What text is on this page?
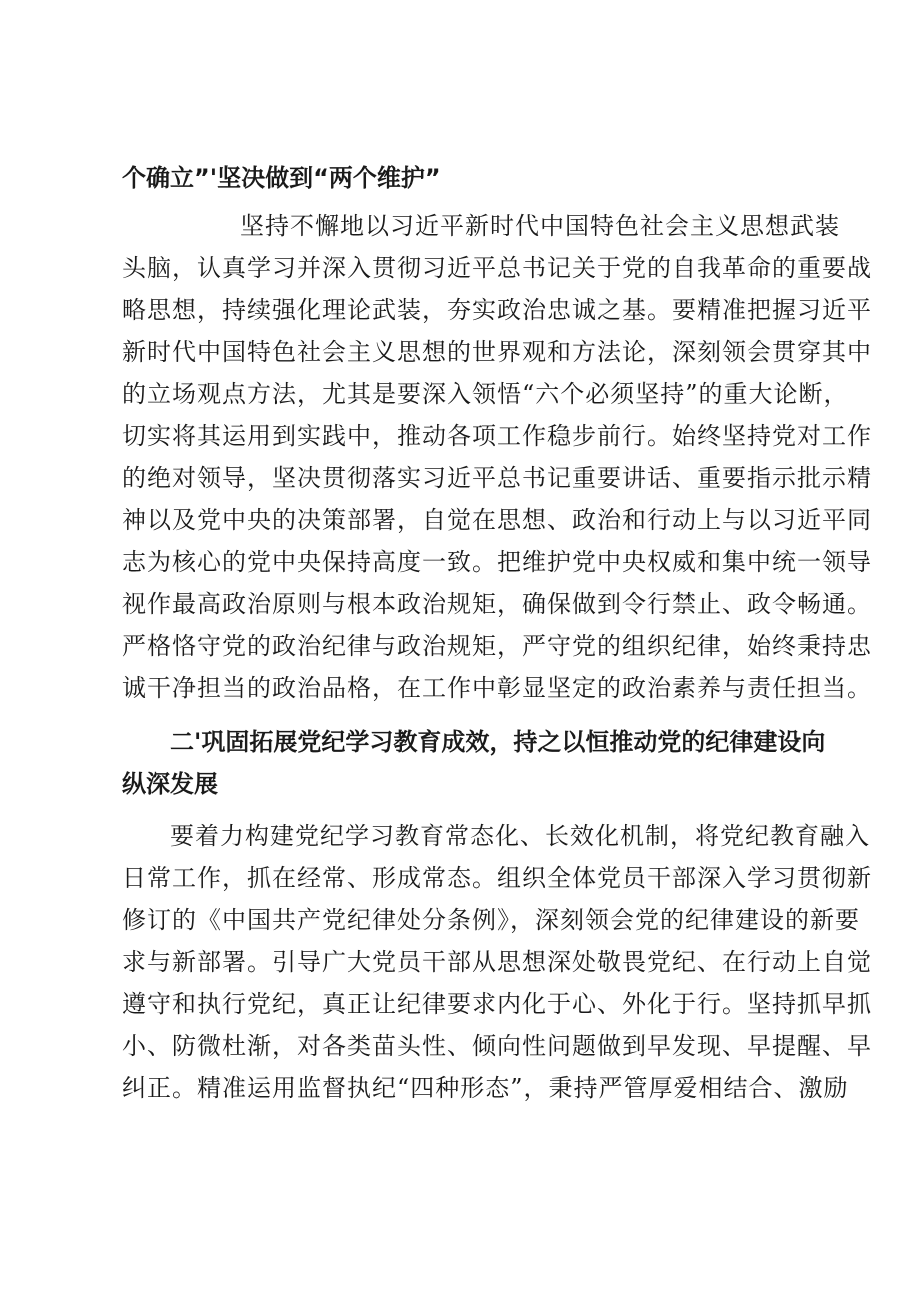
个确立”'坚决做到“两个维护”
坚持不懈地以习近平新时代中国特色社会主义思想武装
头脑，认真学习并深入贯彻习近平总书记关于党的自我革命的重要战
略思想，持续强化理论武装，夯实政治忠诚之基。要精准把握习近平
新时代中国特色社会主义思想的世界观和方法论，深刻领会贯穿其中
的立场观点方法，尤其是要深入领悟“六个必须坚持”的重大论断，
切实将其运用到实践中，推动各项工作稳步前行。始终坚持党对工作
的绝对领导，坚决贯彻落实习近平总书记重要讲话、重要指示批示精
神以及党中央的决策部署，自觉在思想、政治和行动上与以习近平同
志为核心的党中央保持高度一致。把维护党中央权威和集中统一领导
视作最高政治原则与根本政治规矩，确保做到令行禁止、政令畅通。
严格恪守党的政治纪律与政治规矩，严守党的组织纪律，始终秉持忠
诚干净担当的政治品格，在工作中彰显坚定的政治素养与责任担当。
二'巩固拓展党纪学习教育成效，持之以恒推动党的纪律建设向
纵深发展
要着力构建党纪学习教育常态化、长效化机制，将党纪教育融入
日常工作，抓在经常、形成常态。组织全体党员干部深入学习贯彻新
修订的《中国共产党纪律处分条例》，深刻领会党的纪律建设的新要
求与新部署。引导广大党员干部从思想深处敬畏党纪、在行动上自觉
遵守和执行党纪，真正让纪律要求内化于心、外化于行。坚持抓早抓
小、防微杜渐，对各类苗头性、倾向性问题做到早发现、早提醒、早
纠正。精准运用监督执纪“四种形态”，秉持严管厚爱相结合、激励
